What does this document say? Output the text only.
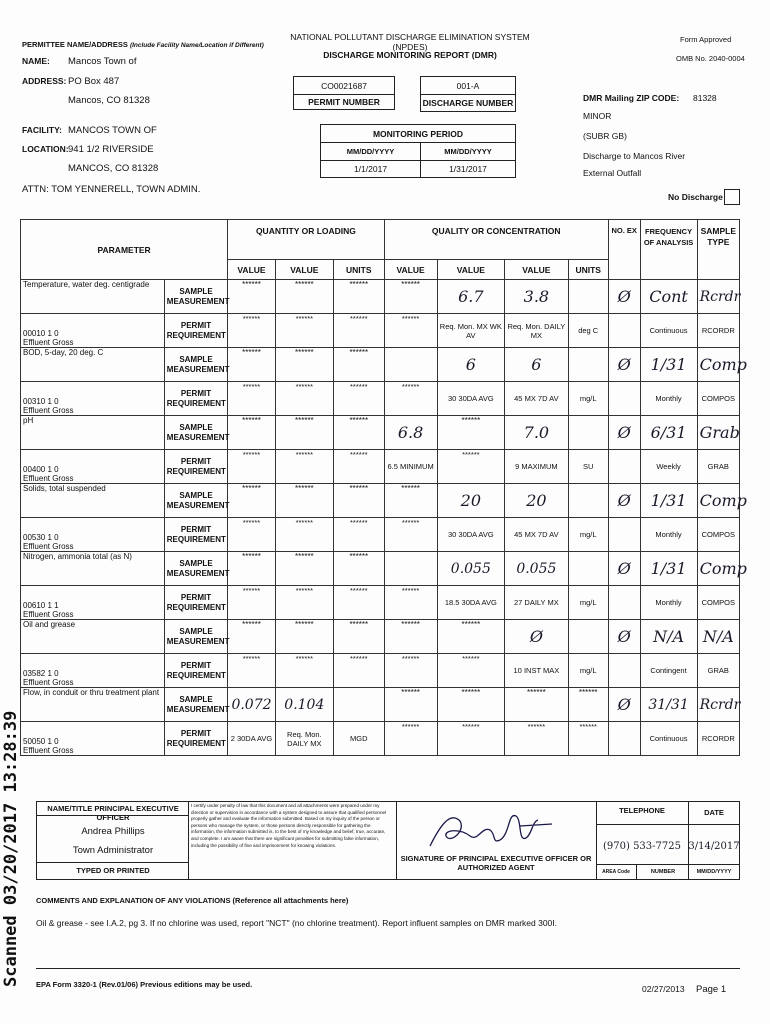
PERMITTEE NAME/ADDRESS (Include Facility Name/Location if Different)
NAME: Mancos Town of
ADDRESS: PO Box 487
Mancos, CO 81328
FACILITY: MANCOS TOWN OF
LOCATION: 941 1/2 RIVERSIDE
MANCOS, CO 81328
ATTN: TOM YENNERELL, TOWN ADMIN.
NATIONAL POLLUTANT DISCHARGE ELIMINATION SYSTEM (NPDES)
DISCHARGE MONITORING REPORT (DMR)
CO0021687
PERMIT NUMBER
001-A
DISCHARGE NUMBER
MONITORING PERIOD
MM/DD/YYYY	MM/DD/YYYY
1/1/2017	1/31/2017
Form Approved
OMB No. 2040-0004
DMR Mailing ZIP CODE: 81328
MINOR
(SUBR GB)
Discharge to Mancos River
External Outfall
No Discharge
PARAMETER		QUANTITY OR LOADING			QUALITY OR CONCENTRATION				NO. EX	FREQUENCY OF ANALYSIS	SAMPLE TYPE
		VALUE	VALUE	UNITS	VALUE	VALUE	VALUE	UNITS			
Temperature, water deg. centigrade	SAMPLE MEASUREMENT	******	******	******	******	6.7	3.8		Ø	Cont	Rcrdr

00010 1 0
Effluent Gross	PERMIT REQUIREMENT	******	******	******	******	Req. Mon. MX WK AV	Req. Mon. DAILY MX	deg C		Continuous	RCORDR
BOD, 5-day, 20 deg. C	SAMPLE MEASUREMENT	******	******	******		6	6		Ø	1/31	Comp

00310 1 0
Effluent Gross	PERMIT REQUIREMENT	******	******	******	******	30 30DA AVG	45 MX 7D AV	mg/L		Monthly	COMPOS
pH	SAMPLE MEASUREMENT	******	******	******	6.8	******	7.0		Ø	6/31	Grab

00400 1 0
Effluent Gross	PERMIT REQUIREMENT	******	******	******	6.5 MINIMUM	******	9 MAXIMUM	SU		Weekly	GRAB
Solids, total suspended	SAMPLE MEASUREMENT	******	******	******	******	20	20		Ø	1/31	Comp

00530 1 0
Effluent Gross	PERMIT REQUIREMENT	******	******	******	******	30 30DA AVG	45 MX 7D AV	mg/L		Monthly	COMPOS
Nitrogen, ammonia total (as N)	SAMPLE MEASUREMENT	******	******	******		0.055	0.055		Ø	1/31	Comp

00610 1 1
Effluent Gross	PERMIT REQUIREMENT	******	******	******	******	18.5 30DA AVG	27 DAILY MX	mg/L		Monthly	COMPOS
Oil and grease	SAMPLE MEASUREMENT	******	******	******	******	******	Ø		Ø	N/A	N/A

03582 1 0
Effluent Gross	PERMIT REQUIREMENT	******	******	******	******	******	10 INST MAX	mg/L		Contingent	GRAB
Flow, in conduit or thru treatment plant	SAMPLE MEASUREMENT	0.072	0.104		******	******	******	******	Ø	31/31	Rcrdr

50050 1 0
Effluent Gross	PERMIT REQUIREMENT	2 30DA AVG	Req. Mon. DAILY MX	MGD	******	******	******	******		Continuous	RCORDR
NAME/TITLE PRINCIPAL EXECUTIVE OFFICER
Andrea Phillips
Town Administrator
TYPED OR PRINTED
I certify under penalty of law that this document and all attachments were prepared under my direction or supervision in accordance with a system designed to assure that qualified personnel properly gather and evaluate the information submitted. Based on my inquiry of the person or persons who manage the system, or those persons directly responsible for gathering the information, the information submitted is, to the best of my knowledge and belief, true, accurate, and complete. I am aware that there are significant penalties for submitting false information, including the possibility of fine and imprisonment for knowing violations.
SIGNATURE OF PRINCIPAL EXECUTIVE OFFICER OR AUTHORIZED AGENT
TELEPHONE	DATE
(970) 533-7725 3/14/2017
AREA Code	NUMBER	MM/DD/YYYY
COMMENTS AND EXPLANATION OF ANY VIOLATIONS (Reference all attachments here)
Oil & grease - see I.A.2, pg 3. If no chlorine was used, report "NCT" (no chlorine treatment). Report influent samples on DMR marked 300I.
EPA Form 3320-1 (Rev.01/06) Previous editions may be used.	02/27/2013 Page 1
Scanned 03/20/2017 13:28:39
